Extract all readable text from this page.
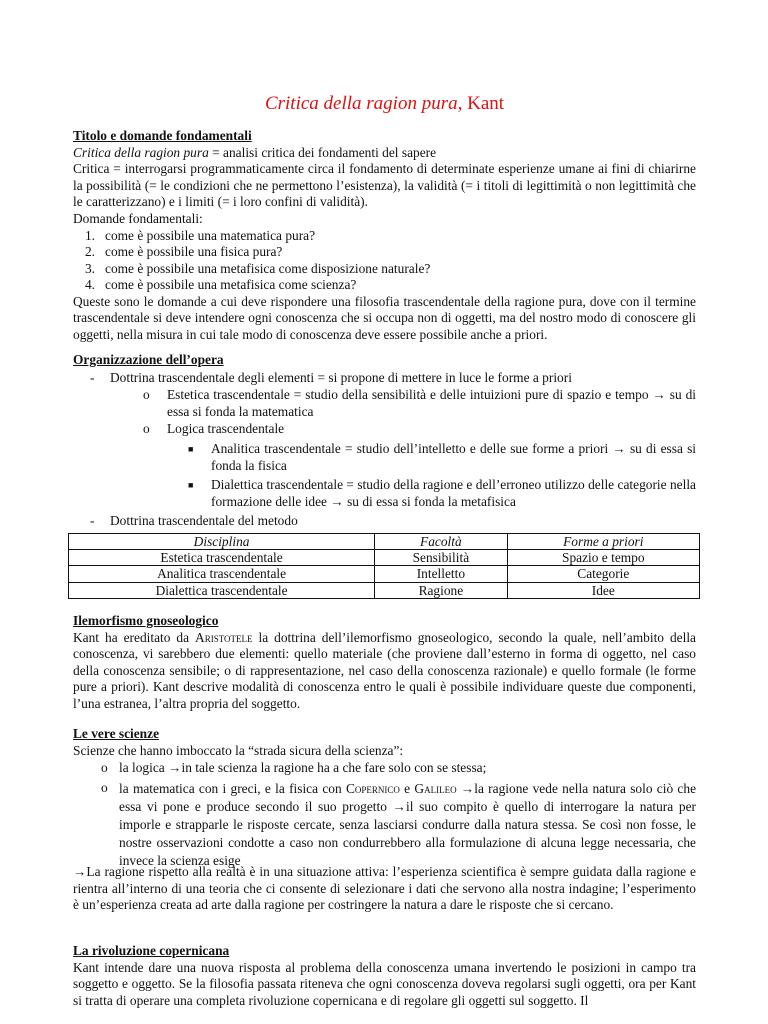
Critica della ragion pura, Kant
Titolo e domande fondamentali
Critica della ragion pura = analisi critica dei fondamenti del sapere
Critica = interrogarsi programmaticamente circa il fondamento di determinate esperienze umane ai fini di chiarirne la possibilità (= le condizioni che ne permettono l’esistenza), la validità (= i titoli di legittimità o non legittimità che le caratterizzano) e i limiti (= i loro confini di validità).
Domande fondamentali:
1. come è possibile una matematica pura?
2. come è possibile una fisica pura?
3. come è possibile una metafisica come disposizione naturale?
4. come è possibile una metafisica come scienza?
Queste sono le domande a cui deve rispondere una filosofia trascendentale della ragione pura, dove con il termine trascendentale si deve intendere ogni conoscenza che si occupa non di oggetti, ma del nostro modo di conoscere gli oggetti, nella misura in cui tale modo di conoscenza deve essere possibile anche a priori.
Organizzazione dell’opera
- Dottrina trascendentale degli elementi = si propone di mettere in luce le forme a priori
o	Estetica trascendentale = studio della sensibilità e delle intuizioni pure di spazio e tempo → su di essa si fonda la matematica
o	Logica trascendentale
■	Analitica trascendentale = studio dell’intelletto e delle sue forme a priori → su di essa si fonda la fisica
■	Dialettica trascendentale = studio della ragione e dell’erroneo utilizzo delle categorie nella formazione delle idee → su di essa si fonda la metafisica
- Dottrina trascendentale del metodo
Disciplina	Facoltà	Forme a priori
Estetica trascendentale	Sensibilità	Spazio e tempo
Analitica trascendentale	Intelletto	Categorie
Dialettica trascendentale	Ragione	Idee
Ilemorfismo gnoseologico
Kant ha ereditato da Aristotele la dottrina dell’ilemorfismo gnoseologico, secondo la quale, nell’ambito della conoscenza, vi sarebbero due elementi: quello materiale (che proviene dall’esterno in forma di oggetto, nel caso della conoscenza sensibile; o di rappresentazione, nel caso della conoscenza razionale) e quello formale (le forme pure a priori). Kant descrive modalità di conoscenza entro le quali è possibile individuare queste due componenti, l’una estranea, l’altra propria del soggetto.
Le vere scienze
Scienze che hanno imboccato la “strada sicura della scienza”:
o la logica →in tale scienza la ragione ha a che fare solo con se stessa;
o la matematica con i greci, e la fisica con Copernico e Galileo →la ragione vede nella natura solo ciò che essa vi pone e produce secondo il suo progetto →il suo compito è quello di interrogare la natura per imporle e strapparle le risposte cercate, senza lasciarsi condurre dalla natura stessa. Se così non fosse, le nostre osservazioni condotte a caso non condurrebbero alla formulazione di alcuna legge necessaria, che invece la scienza esige
→La ragione rispetto alla realtà è in una situazione attiva: l’esperienza scientifica è sempre guidata dalla ragione e rientra all’interno di una teoria che ci consente di selezionare i dati che servono alla nostra indagine; l’esperimento è un’esperienza creata ad arte dalla ragione per costringere la natura a dare le risposte che si cercano.
La rivoluzione copernicana
Kant intende dare una nuova risposta al problema della conoscenza umana invertendo le posizioni in campo tra soggetto e oggetto. Se la filosofia passata riteneva che ogni conoscenza doveva regolarsi sugli oggetti, ora per Kant si tratta di operare una completa rivoluzione copernicana e di regolare gli oggetti sul soggetto. Il
